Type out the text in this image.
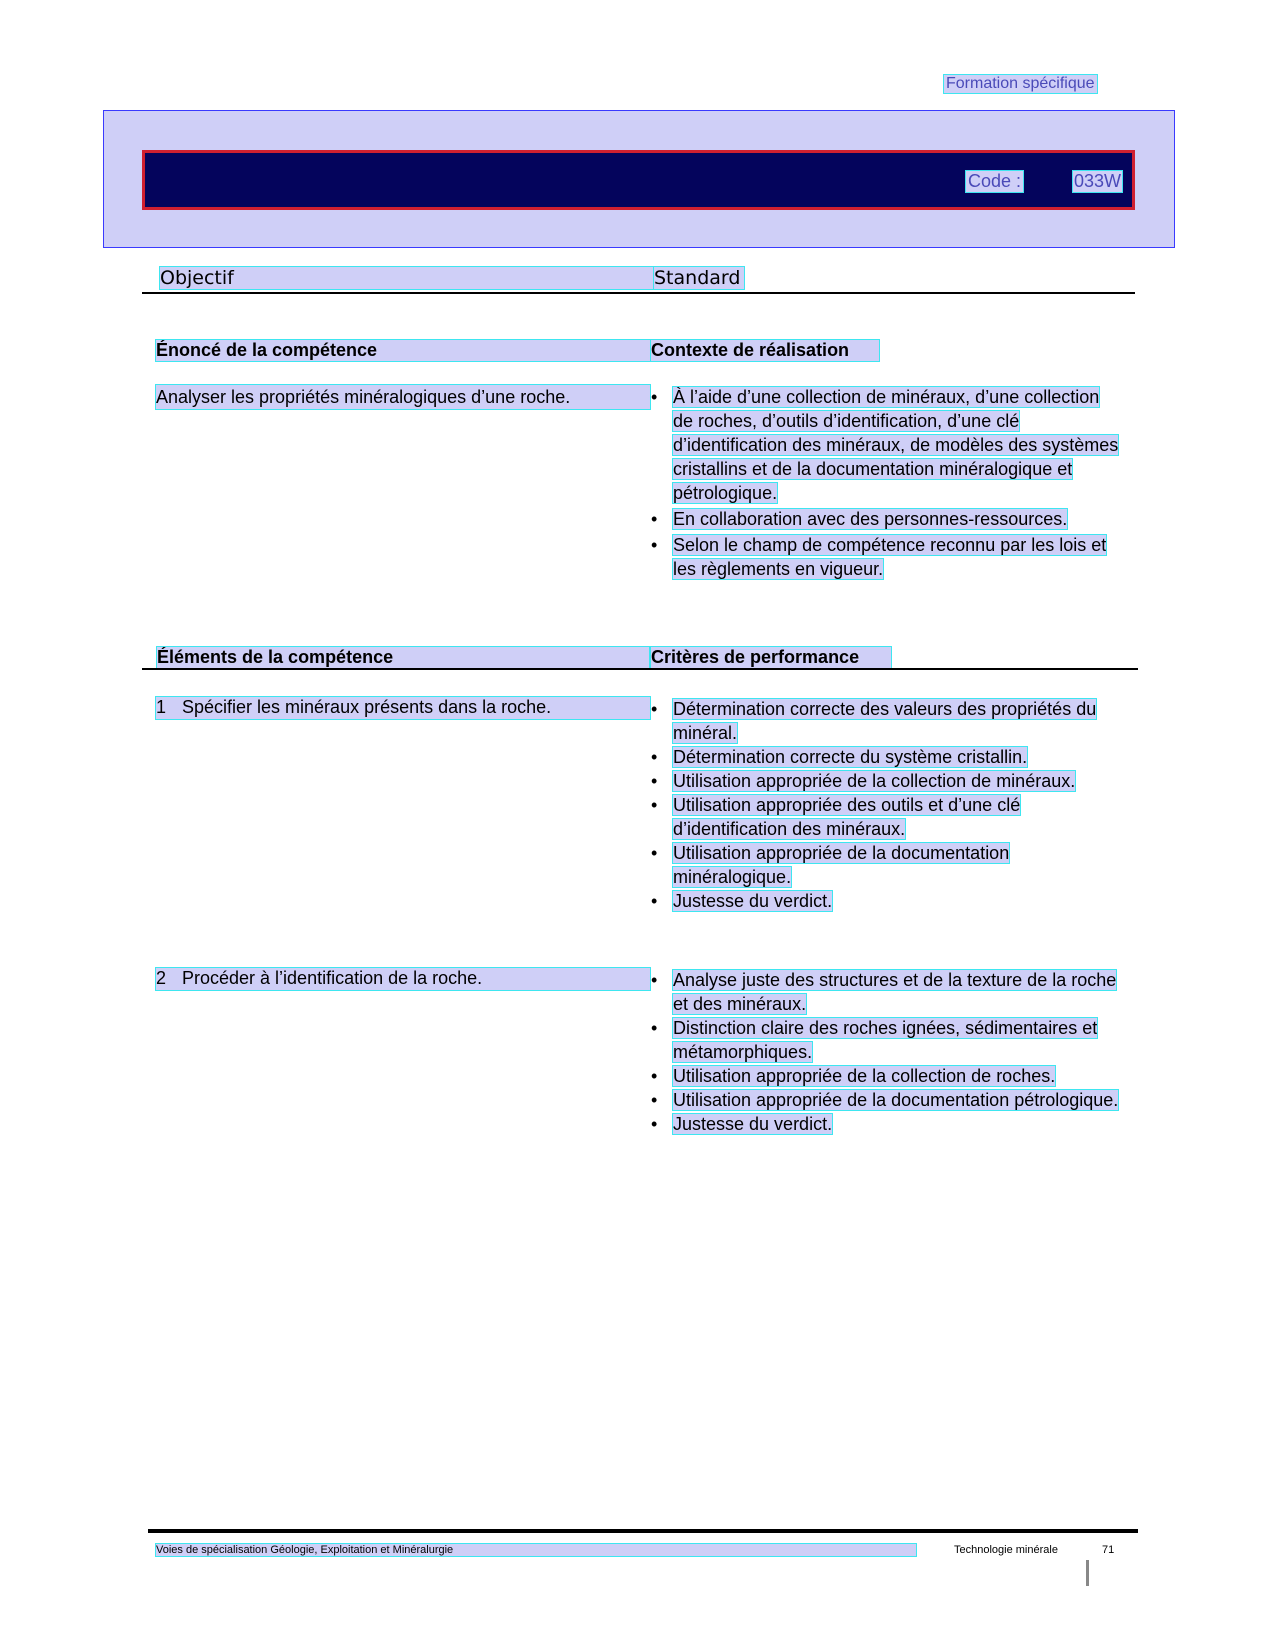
Formation spécifique
Code :	033W
Objectif	Standard
Énoncé de la compétence	Contexte de réalisation
Analyser les propriétés minéralogiques d’une roche.	• À l’aide d’une collection de minéraux, d’une collection de roches, d’outils d’identification, d’une clé d’identification des minéraux, de modèles des systèmes cristallins et de la documentation minéralogique et pétrologique.
• En collaboration avec des personnes-ressources.
• Selon le champ de compétence reconnu par les lois et les règlements en vigueur.
Éléments de la compétence	Critères de performance
1 Spécifier les minéraux présents dans la roche.	• Détermination correcte des valeurs des propriétés du minéral.
• Détermination correcte du système cristallin.
• Utilisation appropriée de la collection de minéraux.
• Utilisation appropriée des outils et d’une clé d’identification des minéraux.
• Utilisation appropriée de la documentation minéralogique.
• Justesse du verdict.
2 Procéder à l’identification de la roche.	• Analyse juste des structures et de la texture de la roche et des minéraux.
• Distinction claire des roches ignées, sédimentaires et métamorphiques.
• Utilisation appropriée de la collection de roches.
• Utilisation appropriée de la documentation pétrologique.
• Justesse du verdict.
Voies de spécialisation Géologie, Exploitation et Minéralurgie	Technologie minérale	71
